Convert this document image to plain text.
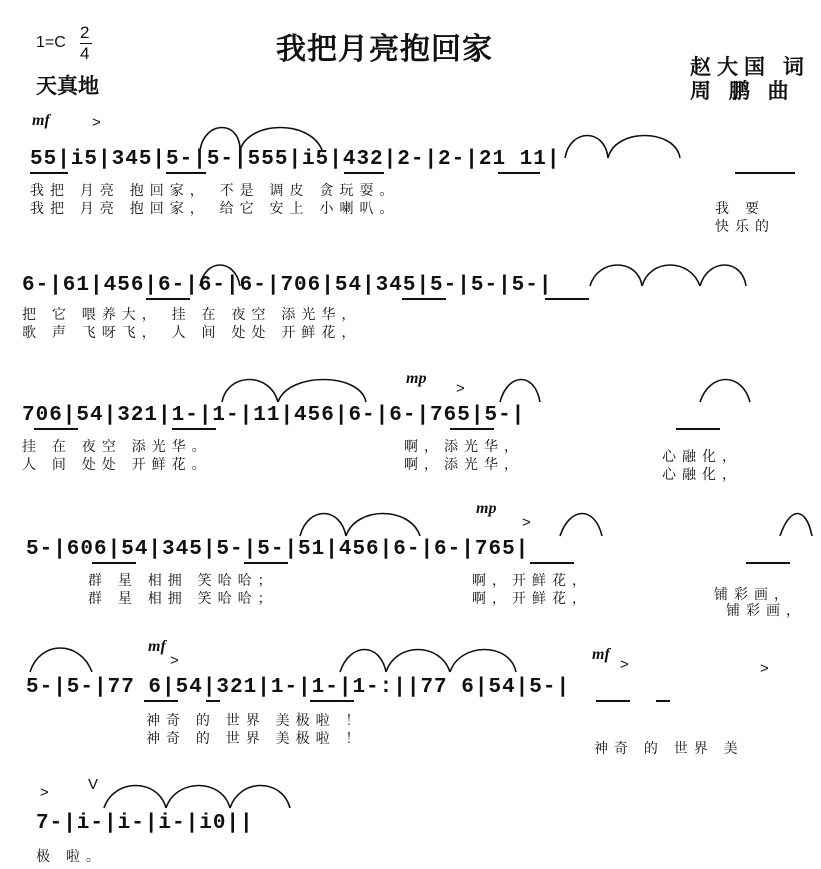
1=C
2
4	我把月亮抱回家
天真地
赵大国 词
周 鹏 曲
mf	>
55|i5|345|5-|5-|555|i5|432|2-|2-|21 11|
我把 月亮 抱回家， 不是 调皮 贪玩耍。
我把 月亮 抱回家， 给它 安上 小喇叭。	我 要
快乐的
6-|61|456|6-|6-|6-|706|54|345|5-|5-|5-|
把 它 喂养大， 挂 在 夜空 添光华，
歌 声 飞呀飞， 人 间 处处 开鲜花，
mp
>
706|54|321|1-|1-|11|456|6-|6-|765|5-|
挂 在 夜空 添光华。
人 间 处处 开鲜花。
啊，添光华，
啊，添光华，	心融化，
心融化，
mp
>
5-|606|54|345|5-|5-|51|456|6-|6-|765|
群 星 相拥 笑哈哈；
群 星 相拥 笑哈哈；
啊，开鲜花，
啊，开鲜花，	铺彩画，
铺彩画，
mf
>	mf
>	>
5-|5-|77 6|54|321|1-|1-|1-:||77 6|54|5-|
神奇 的 世界 美极啦 ！
神奇 的 世界 美极啦 ！
神奇 的 世界 美
>	V
7-|i-|i-|i-|i0||
极 啦。
